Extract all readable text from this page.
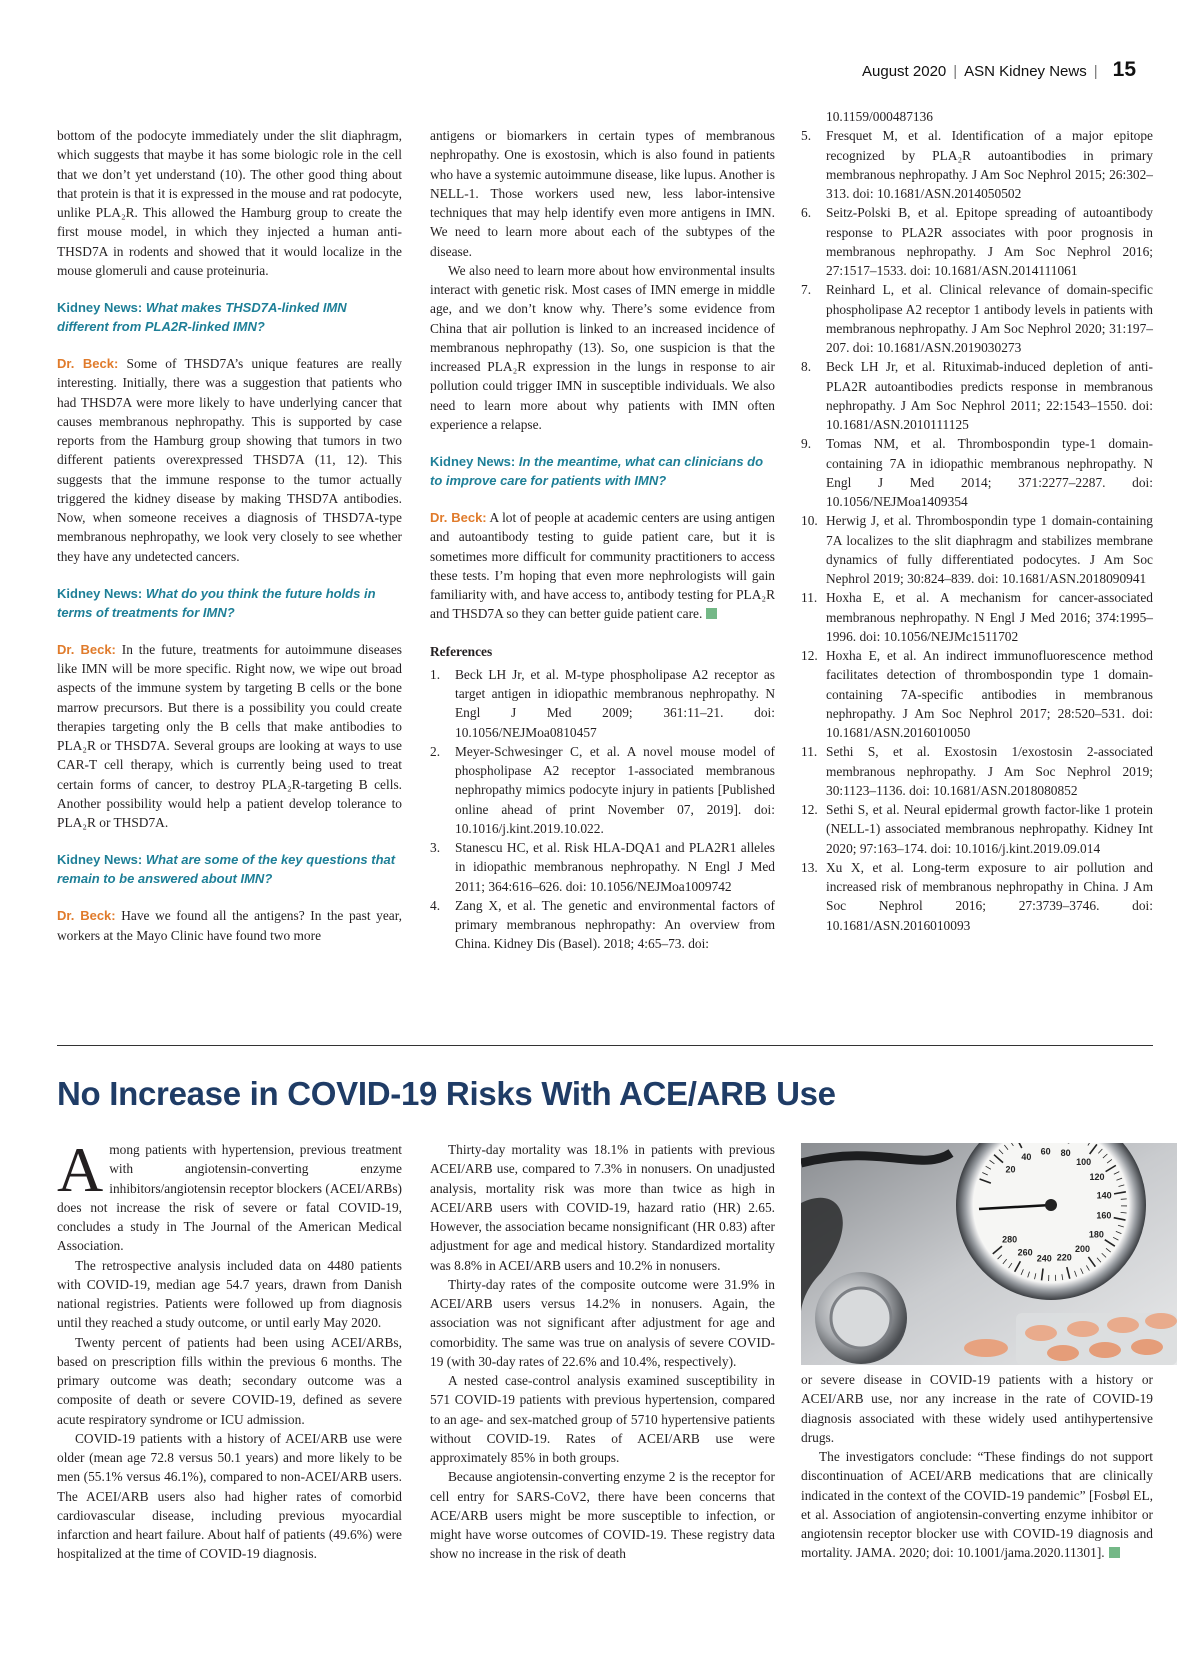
August 2020 | ASN Kidney News | 15

bottom of the podocyte immediately under the slit diaphragm, which suggests that maybe it has some biologic role in the cell that we don’t yet understand (10). The other good thing about that protein is that it is expressed in the mouse and rat podocyte, unlike PLA₂R. This allowed the Hamburg group to create the first mouse model, in which they injected a human anti-THSD7A in rodents and showed that it would localize in the mouse glomeruli and cause proteinuria.

Kidney News: What makes THSD7A-linked IMN different from PLA2R-linked IMN?

Dr. Beck: Some of THSD7A’s unique features are really interesting. Initially, there was a suggestion that patients who had THSD7A were more likely to have underlying cancer that causes membranous nephropathy. This is supported by case reports from the Hamburg group showing that tumors in two different patients overexpressed THSD7A (11, 12). This suggests that the immune response to the tumor actually triggered the kidney disease by making THSD7A antibodies. Now, when someone receives a diagnosis of THSD7A-type membranous nephropathy, we look very closely to see whether they have any undetected cancers.

Kidney News: What do you think the future holds in terms of treatments for IMN?

Dr. Beck: In the future, treatments for autoimmune diseases like IMN will be more specific. Right now, we wipe out broad aspects of the immune system by targeting B cells or the bone marrow precursors. But there is a possibility you could create therapies targeting only the B cells that make antibodies to PLA₂R or THSD7A. Several groups are looking at ways to use CAR-T cell therapy, which is currently being used to treat certain forms of cancer, to destroy PLA₂R-targeting B cells. Another possibility would help a patient develop tolerance to PLA₂R or THSD7A.

Kidney News: What are some of the key questions that remain to be answered about IMN?

Dr. Beck: Have we found all the antigens? In the past year, workers at the Mayo Clinic have found two more

antigens or biomarkers in certain types of membranous nephropathy. One is exostosin, which is also found in patients who have a systemic autoimmune disease, like lupus. Another is NELL-1. Those workers used new, less labor-intensive techniques that may help identify even more antigens in IMN. We need to learn more about each of the subtypes of the disease.

We also need to learn more about how environmental insults interact with genetic risk. Most cases of IMN emerge in middle age, and we don’t know why. There’s some evidence from China that air pollution is linked to an increased incidence of membranous nephropathy (13). So, one suspicion is that the increased PLA₂R expression in the lungs in response to air pollution could trigger IMN in susceptible individuals. We also need to learn more about why patients with IMN often experience a relapse.

Kidney News: In the meantime, what can clinicians do to improve care for patients with IMN?

Dr. Beck: A lot of people at academic centers are using antigen and autoantibody testing to guide patient care, but it is sometimes more difficult for community practitioners to access these tests. I’m hoping that even more nephrologists will gain familiarity with, and have access to, antibody testing for PLA₂R and THSD7A so they can better guide patient care.

References
1.	Beck LH Jr, et al. M-type phospholipase A2 receptor as target antigen in idiopathic membranous nephropathy. N Engl J Med 2009; 361:11–21. doi: 10.1056/NEJMoa0810457
2.	Meyer-Schwesinger C, et al. A novel mouse model of phospholipase A2 receptor 1-associated membranous nephropathy mimics podocyte injury in patients [Published online ahead of print November 07, 2019]. doi: 10.1016/j.kint.2019.10.022.
3.	Stanescu HC, et al. Risk HLA-DQA1 and PLA2R1 alleles in idiopathic membranous nephropathy. N Engl J Med 2011; 364:616–626. doi: 10.1056/NEJMoa1009742
4.	Zang X, et al. The genetic and environmental factors of primary membranous nephropathy: An overview from China. Kidney Dis (Basel). 2018; 4:65–73. doi:
10.1159/000487136
5.	Fresquet M, et al. Identification of a major epitope recognized by PLA₂R autoantibodies in primary membranous nephropathy. J Am Soc Nephrol 2015; 26:302–313. doi: 10.1681/ASN.2014050502
6.	Seitz-Polski B, et al. Epitope spreading of autoantibody response to PLA2R associates with poor prognosis in membranous nephropathy. J Am Soc Nephrol 2016; 27:1517–1533. doi: 10.1681/ASN.2014111061
7.	Reinhard L, et al. Clinical relevance of domain-specific phospholipase A2 receptor 1 antibody levels in patients with membranous nephropathy. J Am Soc Nephrol 2020; 31:197–207. doi: 10.1681/ASN.2019030273
8.	Beck LH Jr, et al. Rituximab-induced depletion of anti-PLA2R autoantibodies predicts response in membranous nephropathy. J Am Soc Nephrol 2011; 22:1543–1550. doi: 10.1681/ASN.2010111125
9.	Tomas NM, et al. Thrombospondin type-1 domain-containing 7A in idiopathic membranous nephropathy. N Engl J Med 2014; 371:2277–2287. doi: 10.1056/NEJMoa1409354
10. Herwig J, et al. Thrombospondin type 1 domain-containing 7A localizes to the slit diaphragm and stabilizes membrane dynamics of fully differentiated podocytes. J Am Soc Nephrol 2019; 30:824–839. doi: 10.1681/ASN.2018090941
11. Hoxha E, et al. A mechanism for cancer-associated membranous nephropathy. N Engl J Med 2016; 374:1995–1996. doi: 10.1056/NEJMc1511702
12. Hoxha E, et al. An indirect immunofluorescence method facilitates detection of thrombospondin type 1 domain-containing 7A-specific antibodies in membranous nephropathy. J Am Soc Nephrol 2017; 28:520–531. doi: 10.1681/ASN.2016010050
11. Sethi S, et al. Exostosin 1/exostosin 2-associated membranous nephropathy. J Am Soc Nephrol 2019; 30:1123–1136. doi: 10.1681/ASN.2018080852
12. Sethi S, et al. Neural epidermal growth factor-like 1 protein (NELL-1) associated membranous nephropathy. Kidney Int 2020; 97:163–174. doi: 10.1016/j.kint.2019.09.014
13. Xu X, et al. Long-term exposure to air pollution and increased risk of membranous nephropathy in China. J Am Soc Nephrol 2016; 27:3739–3746. doi: 10.1681/ASN.2016010093
No Increase in COVID-19 Risks With ACE/ARB Use

Among patients with hypertension, previous treatment with angiotensin-converting enzyme inhibitors/angiotensin receptor blockers (ACEI/ARBs) does not increase the risk of severe or fatal COVID-19, concludes a study in The Journal of the American Medical Association.

The retrospective analysis included data on 4480 patients with COVID-19, median age 54.7 years, drawn from Danish national registries. Patients were followed up from diagnosis until they reached a study outcome, or until early May 2020.

Twenty percent of patients had been using ACEI/ARBs, based on prescription fills within the previous 6 months. The primary outcome was death; secondary outcome was a composite of death or severe COVID-19, defined as severe acute respiratory syndrome or ICU admission.

COVID-19 patients with a history of ACEI/ARB use were older (mean age 72.8 versus 50.1 years) and more likely to be men (55.1% versus 46.1%), compared to non-ACEI/ARB users. The ACEI/ARB users also had higher rates of comorbid cardiovascular disease, including previous myocardial infarction and heart failure. About half of patients (49.6%) were hospitalized at the time of COVID-19 diagnosis.

Thirty-day mortality was 18.1% in patients with previous ACEI/ARB use, compared to 7.3% in nonusers. On unadjusted analysis, mortality risk was more than twice as high in ACEI/ARB users with COVID-19, hazard ratio (HR) 2.65. However, the association became nonsignificant (HR 0.83) after adjustment for age and medical history. Standardized mortality was 8.8% in ACEI/ARB users and 10.2% in nonusers.

Thirty-day rates of the composite outcome were 31.9% in ACEI/ARB users versus 14.2% in nonusers. Again, the association was not significant after adjustment for age and comorbidity. The same was true on analysis of severe COVID-19 (with 30-day rates of 22.6% and 10.4%, respectively).

A nested case-control analysis examined susceptibility in 571 COVID-19 patients with previous hypertension, compared to an age- and sex-matched group of 5710 hypertensive patients without COVID-19. Rates of ACEI/ARB use were approximately 85% in both groups.

Because angiotensin-converting enzyme 2 is the receptor for cell entry for SARS-CoV2, there have been concerns that ACE/ARB users might be more susceptible to infection, or might have worse outcomes of COVID-19. These registry data show no increase in the risk of death

20
40
60 80
100
120
140
160
180
200
220
240
260
280

or severe disease in COVID-19 patients with a history or ACEI/ARB use, nor any increase in the rate of COVID-19 diagnosis associated with these widely used antihypertensive drugs.

The investigators conclude: “These findings do not support discontinuation of ACEI/ARB medications that are clinically indicated in the context of the COVID-19 pandemic” [Fosbøl EL, et al. Association of angiotensin-converting enzyme inhibitor or angiotensin receptor blocker use with COVID-19 diagnosis and mortality. JAMA. 2020; doi: 10.1001/jama.2020.11301].
